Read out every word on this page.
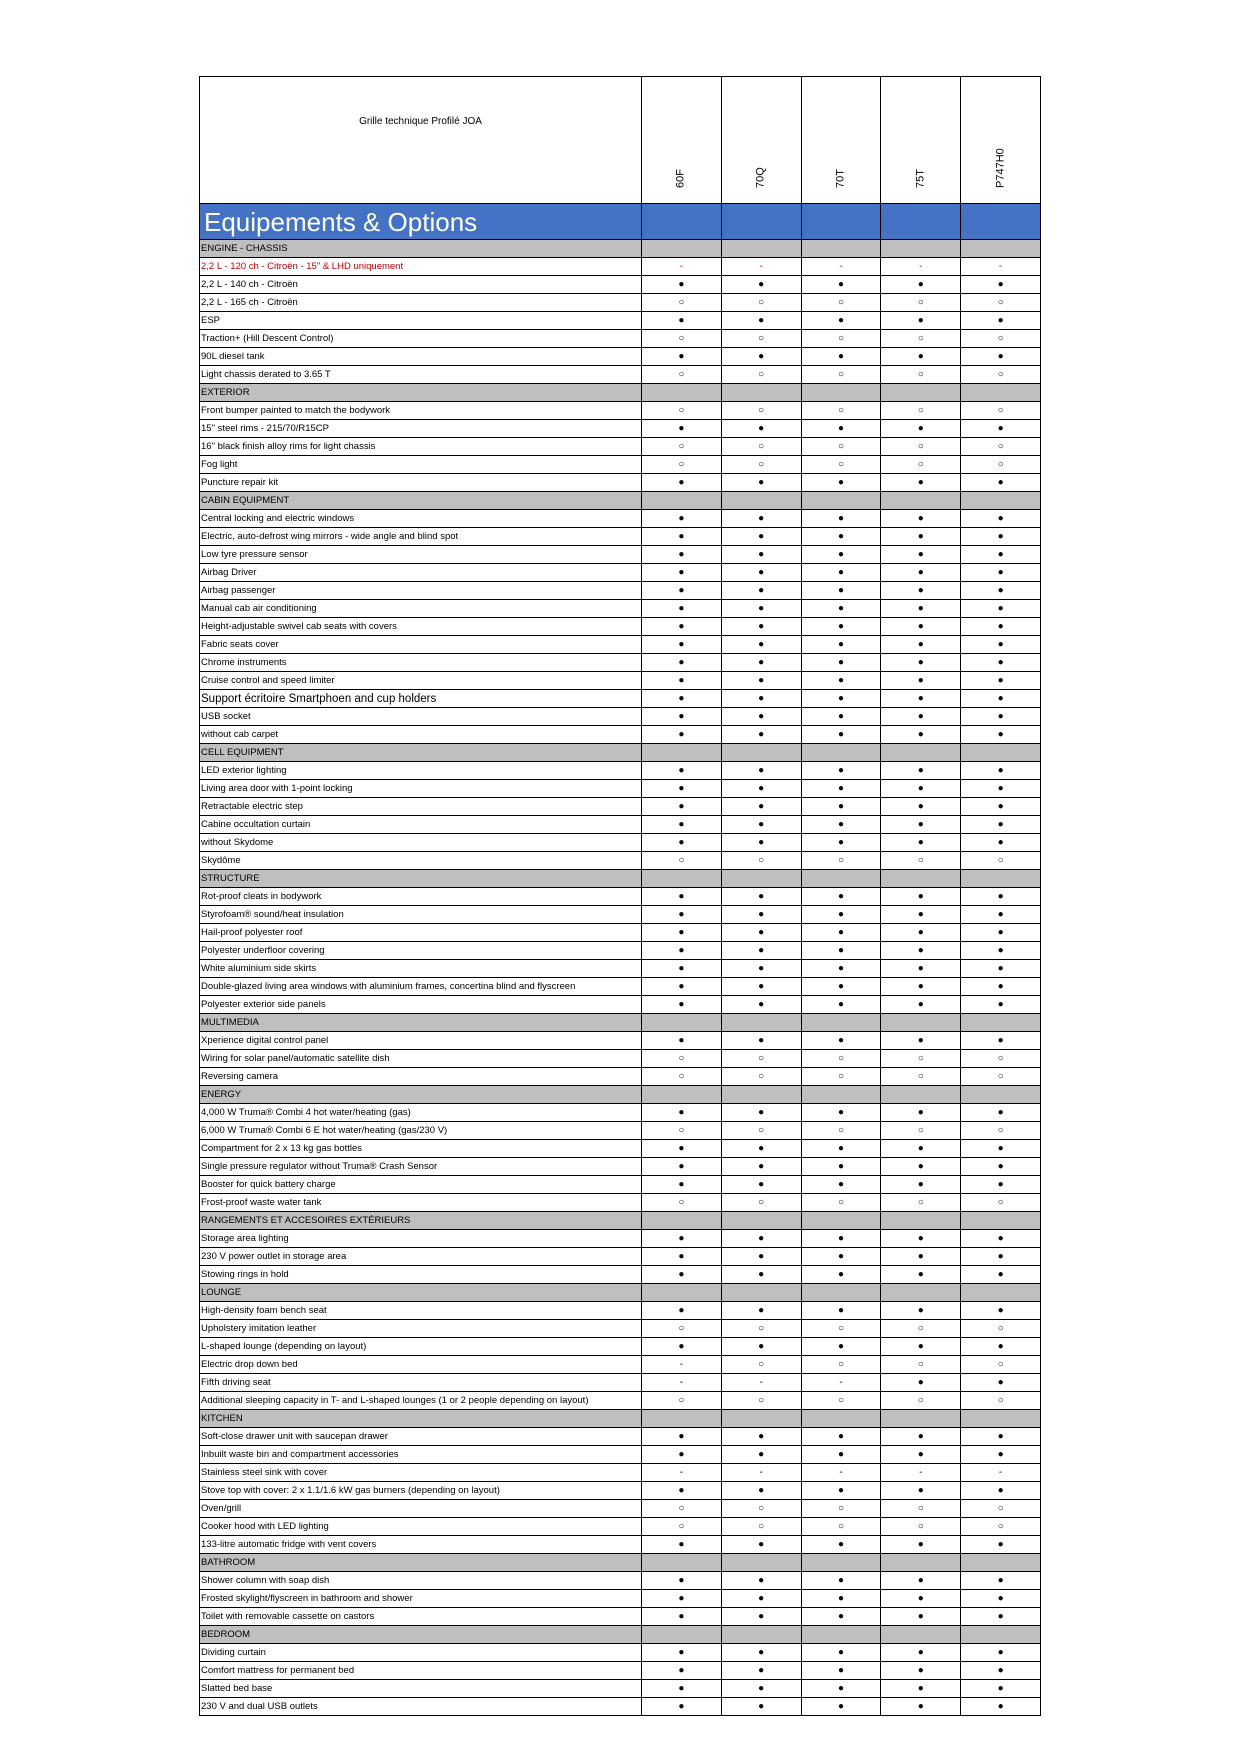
Grille technique Profilé JOA	60F	70Q	70T	75T	P747H0

Equipements & Options					
ENGINE - CHASSIS					
2,2 L - 120 ch - Citroën - 15" & LHD uniquement	-	-	-	-	-
2,2 L - 140 ch - Citroën	●	●	●	●	●
2,2 L - 165 ch - Citroën	○	○	○	○	○
ESP	●	●	●	●	●
Traction+ (Hill Descent Control)	○	○	○	○	○
90L diesel tank	●	●	●	●	●
Light chassis derated to 3.65 T	○	○	○	○	○
EXTERIOR					
Front bumper painted to match the bodywork	○	○	○	○	○
15" steel rims - 215/70/R15CP	●	●	●	●	●
16" black finish alloy rims for light chassis	○	○	○	○	○
Fog light	○	○	○	○	○
Puncture repair kit	●	●	●	●	●
CABIN EQUIPMENT					
Central locking and electric windows	●	●	●	●	●
Electric, auto-defrost wing mirrors - wide angle and blind spot	●	●	●	●	●
Low tyre pressure sensor	●	●	●	●	●
Airbag Driver	●	●	●	●	●
Airbag passenger	●	●	●	●	●
Manual cab air conditioning	●	●	●	●	●
Height-adjustable swivel cab seats with covers	●	●	●	●	●
Fabric seats cover	●	●	●	●	●
Chrome instruments	●	●	●	●	●
Cruise control and speed limiter	●	●	●	●	●
Support écritoire Smartphoen and cup holders	●	●	●	●	●
USB socket	●	●	●	●	●
without cab carpet	●	●	●	●	●
CELL EQUIPMENT					
LED exterior lighting	●	●	●	●	●
Living area door with 1-point locking	●	●	●	●	●
Retractable electric step	●	●	●	●	●
Cabine occultation curtain	●	●	●	●	●
without Skydome	●	●	●	●	●
Skydôme	○	○	○	○	○
STRUCTURE					
Rot-proof cleats in bodywork	●	●	●	●	●
Styrofoam® sound/heat insulation	●	●	●	●	●
Hail-proof polyester roof	●	●	●	●	●
Polyester underfloor covering	●	●	●	●	●
White aluminium side skirts	●	●	●	●	●
Double-glazed living area windows with aluminium frames, concertina blind and flyscreen	●	●	●	●	●
Polyester exterior side panels	●	●	●	●	●
MULTIMEDIA					
Xperience digital control panel	●	●	●	●	●
Wiring for solar panel/automatic satellite dish	○	○	○	○	○
Reversing camera	○	○	○	○	○
ENERGY					
4,000 W Truma® Combi 4 hot water/heating (gas)	●	●	●	●	●
6,000 W Truma® Combi 6 E hot water/heating (gas/230 V)	○	○	○	○	○
Compartment for 2 x 13 kg gas bottles	●	●	●	●	●
Single pressure regulator without Truma® Crash Sensor	●	●	●	●	●
Booster for quick battery charge	●	●	●	●	●
Frost-proof waste water tank	○	○	○	○	○
RANGEMENTS ET ACCESOIRES EXTÉRIEURS					
Storage area lighting	●	●	●	●	●
230 V power outlet in storage area	●	●	●	●	●
Stowing rings in hold	●	●	●	●	●
LOUNGE					
High-density foam bench seat	●	●	●	●	●
Upholstery imitation leather	○	○	○	○	○
L-shaped lounge (depending on layout)	●	●	●	●	●
Electric drop down bed	-	○	○	○	○
Fifth driving seat	-	-	-	●	●
Additional sleeping capacity in T- and L-shaped lounges (1 or 2 people depending on layout)	○	○	○	○	○
KITCHEN					
Soft-close drawer unit with saucepan drawer	●	●	●	●	●
Inbuilt waste bin and compartment accessories	●	●	●	●	●
Stainless steel sink with cover	-	-	-	-	-
Stove top with cover: 2 x 1.1/1.6 kW gas burners (depending on layout)	●	●	●	●	●
Oven/grill	○	○	○	○	○
Cooker hood with LED lighting	○	○	○	○	○
133-litre automatic fridge with vent covers	●	●	●	●	●
BATHROOM					
Shower column with soap dish	●	●	●	●	●
Frosted skylight/flyscreen in bathroom and shower	●	●	●	●	●
Toilet with removable cassette on castors	●	●	●	●	●
BEDROOM					
Dividing curtain	●	●	●	●	●
Comfort mattress for permanent bed	●	●	●	●	●
Slatted bed base	●	●	●	●	●
230 V and dual USB outlets	●	●	●	●	●
